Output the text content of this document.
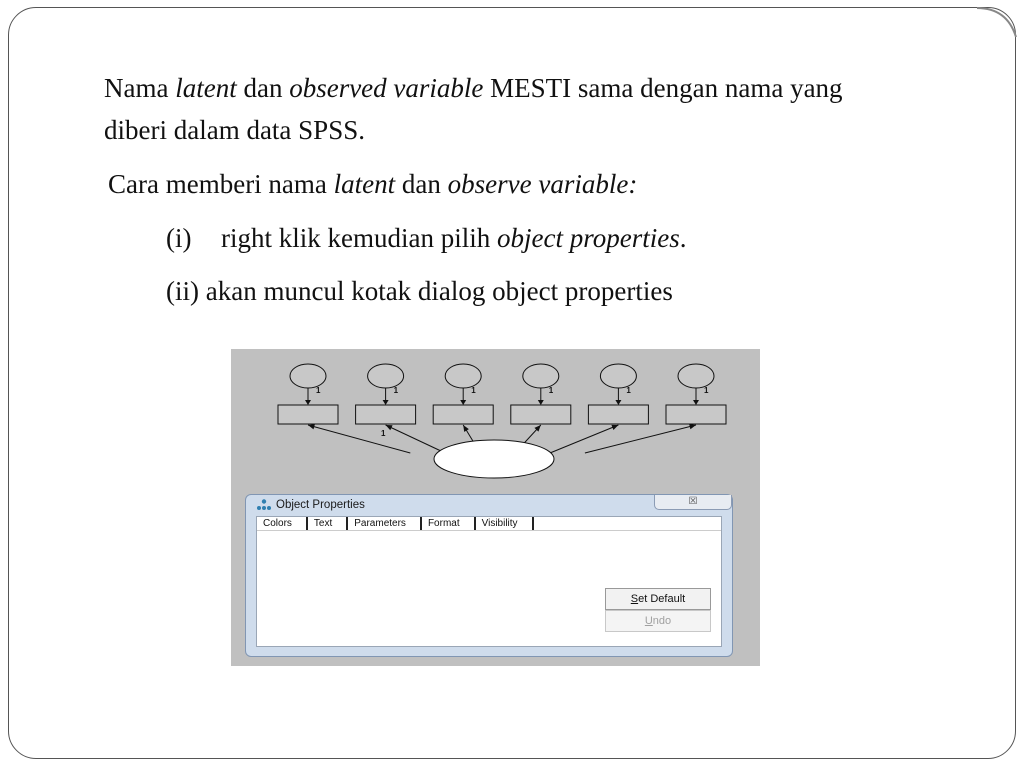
Nama latent dan observed variable MESTI sama dengan nama yang
diberi dalam data SPSS.
Cara memberi nama latent dan observe variable:
(i) right klik kemudian pilih object properties.
(ii) akan muncul kotak dialog object properties
1	1	1	1	1	1
1
Object Properties	☒
Colors	Text	Parameters	Format	Visibility
Set Default
Undo
